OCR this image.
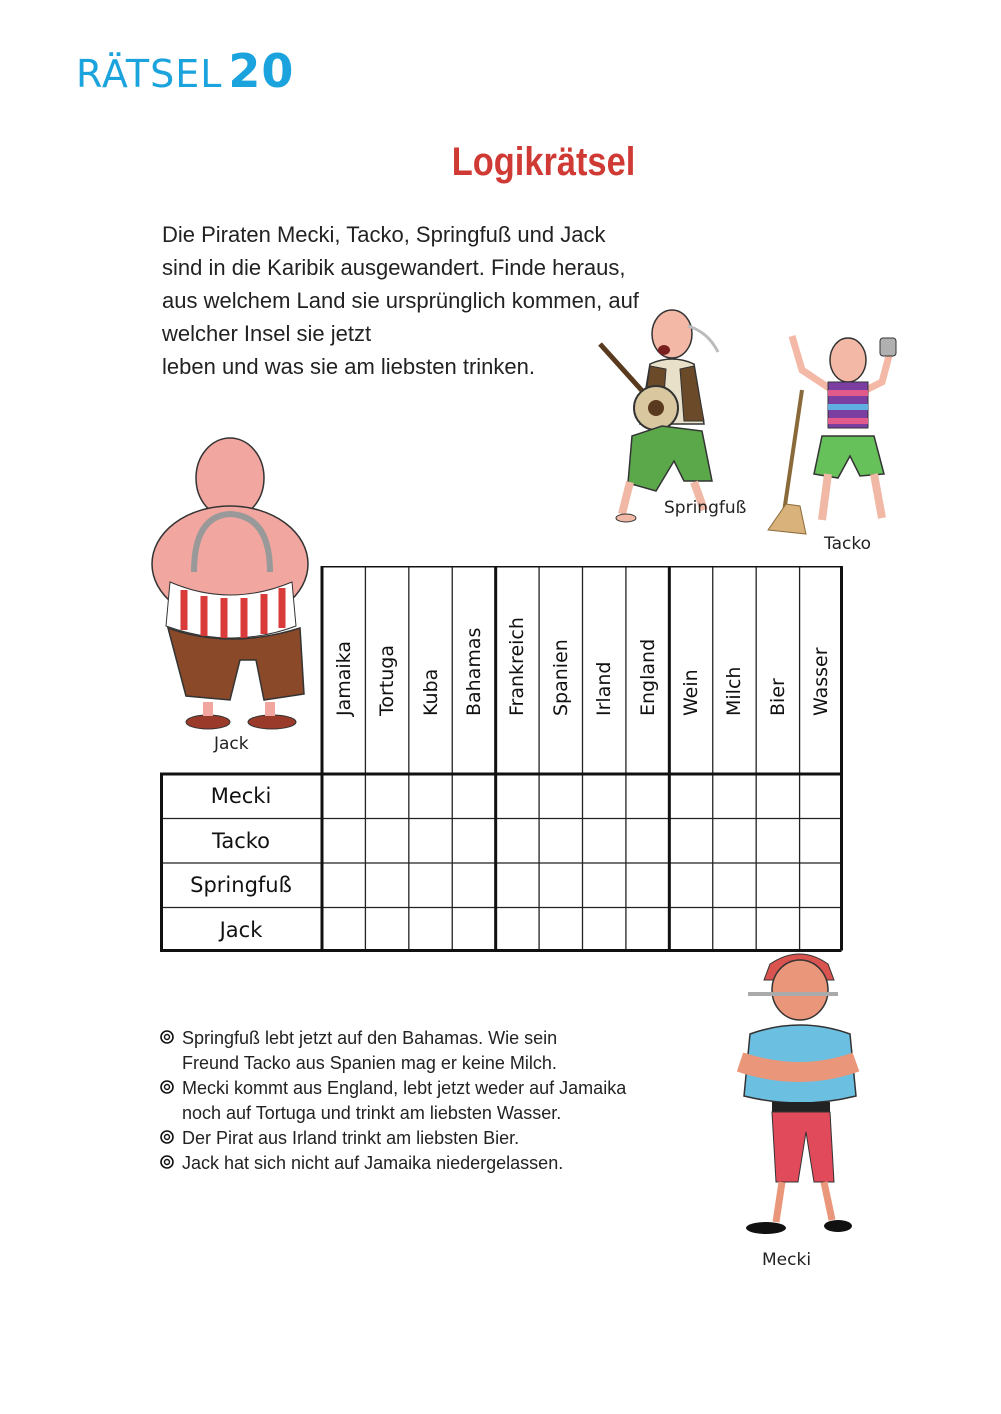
RÄTSEL 20
Logikrätsel
Die Piraten Mecki, Tacko, Springfuß und Jack
sind in die Karibik ausgewandert. Finde heraus,
aus welchem Land sie ursprünglich kommen, auf
welcher Insel sie jetzt
leben und was sie am liebsten trinken.
Springfuß
Tacko
Jack
Jamaika Tortuga Kuba Bahamas Frankreich Spanien Irland England Wein Milch Bier Wasser
Mecki
Tacko
Springfuß
Jack
Mecki
Springfuß lebt jetzt auf den Bahamas. Wie sein
Freund Tacko aus Spanien mag er keine Milch.
Mecki kommt aus England, lebt jetzt weder auf Jamaika
noch auf Tortuga und trinkt am liebsten Wasser.
Der Pirat aus Irland trinkt am liebsten Bier.
Jack hat sich nicht auf Jamaika niedergelassen.
